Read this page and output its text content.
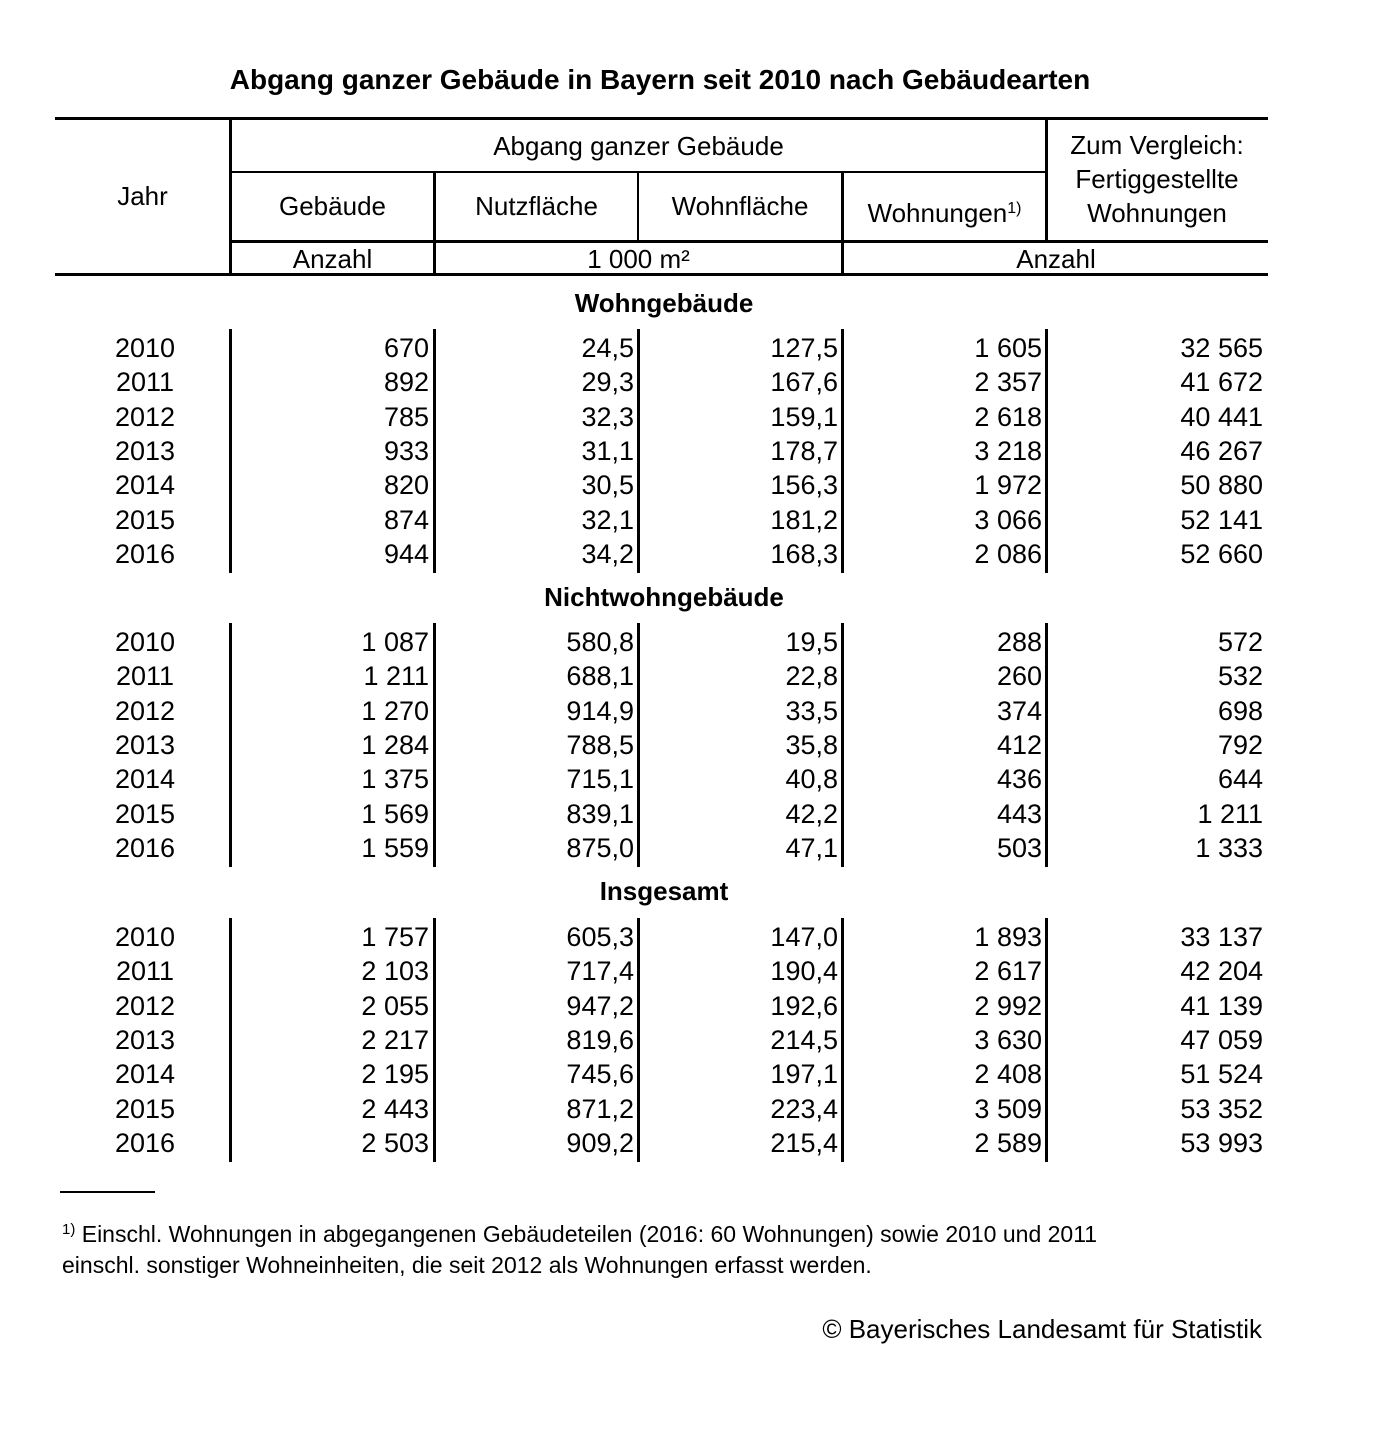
Abgang ganzer Gebäude in Bayern seit 2010 nach Gebäudearten
Jahr
Abgang ganzer Gebäude	Zum Vergleich:
Fertiggestellte
Wohnungen
Gebäude	Nutzfläche	Wohnfläche	Wohnungen$^{1)}$
Anzahl	1 000 m²	Anzahl
Wohngebäude
2010	670	24,5	127,5	1 605	32 565
2011	892	29,3	167,6	2 357	41 672
2012	785	32,3	159,1	2 618	40 441
2013	933	31,1	178,7	3 218	46 267
2014	820	30,5	156,3	1 972	50 880
2015	874	32,1	181,2	3 066	52 141
2016	944	34,2	168,3	2 086	52 660
Nichtwohngebäude
2010	1 087	580,8	19,5	288	572
2011	1 211	688,1	22,8	260	532
2012	1 270	914,9	33,5	374	698
2013	1 284	788,5	35,8	412	792
2014	1 375	715,1	40,8	436	644
2015	1 569	839,1	42,2	443	1 211
2016	1 559	875,0	47,1	503	1 333
Insgesamt
2010	1 757	605,3	147,0	1 893	33 137
2011	2 103	717,4	190,4	2 617	42 204
2012	2 055	947,2	192,6	2 992	41 139
2013	2 217	819,6	214,5	3 630	47 059
2014	2 195	745,6	197,1	2 408	51 524
2015	2 443	871,2	223,4	3 509	53 352
2016	2 503	909,2	215,4	2 589	53 993
$^{1)}$ Einschl. Wohnungen in abgegangenen Gebäudeteilen (2016: 60 Wohnungen) sowie 2010 und 2011
einschl. sonstiger Wohneinheiten, die seit 2012 als Wohnungen erfasst werden.
© Bayerisches Landesamt für Statistik
